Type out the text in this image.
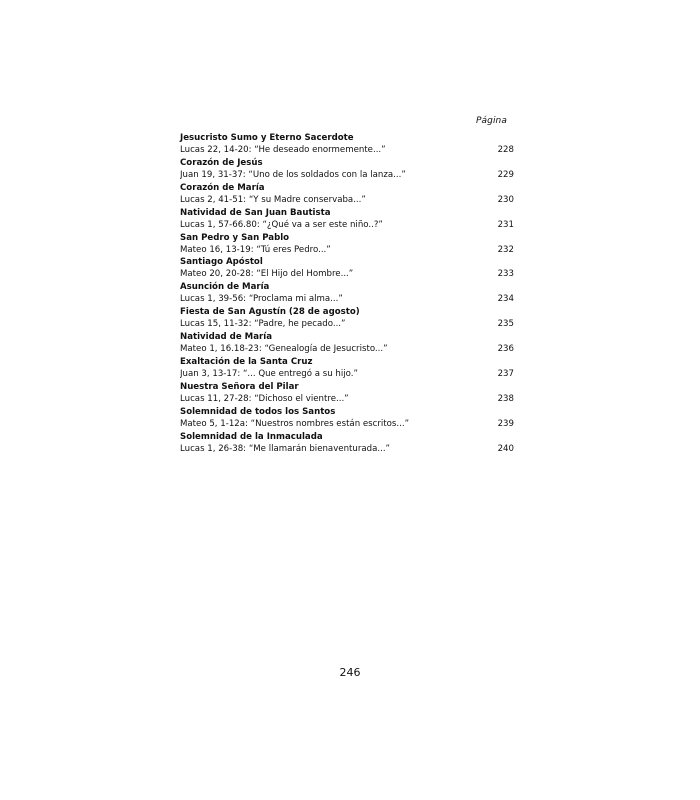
Página
Jesucristo Sumo y Eterno Sacerdote
Lucas 22, 14-20: “He deseado enormemente...”	228
Corazón de Jesús
Juan 19, 31-37: “Uno de los soldados con la lanza...”	229
Corazón de María
Lucas 2, 41-51: “Y su Madre conservaba...”	230
Natividad de San Juan Bautista
Lucas 1, 57-66.80: “¿Qué va a ser este niño..?”	231
San Pedro y San Pablo
Mateo 16, 13-19: “Tú eres Pedro...”	232
Santiago Apóstol
Mateo 20, 20-28: “El Hijo del Hombre...”	233
Asunción de María
Lucas 1, 39-56: “Proclama mi alma...”	234
Fiesta de San Agustín (28 de agosto)
Lucas 15, 11-32: “Padre, he pecado...”	235
Natividad de María
Mateo 1, 16.18-23: “Genealogía de Jesucristo...”	236
Exaltación de la Santa Cruz
Juan 3, 13-17: “... Que entregó a su hijo.”	237
Nuestra Señora del Pilar
Lucas 11, 27-28: “Dichoso el vientre...”	238
Solemnidad de todos los Santos
Mateo 5, 1-12a: “Nuestros nombres están escritos...”	239
Solemnidad de la Inmaculada
Lucas 1, 26-38: “Me llamarán bienaventurada...”	240
246
